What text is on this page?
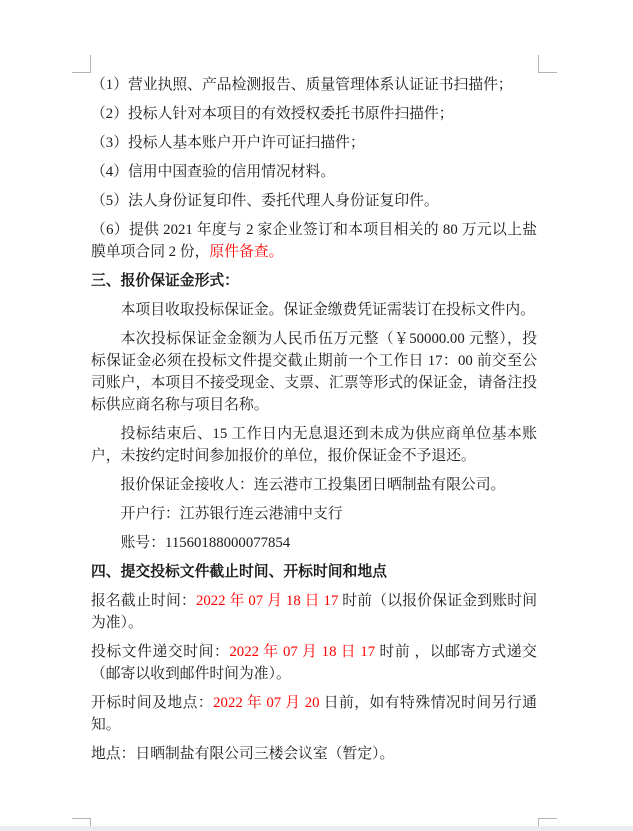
（1）营业执照、产品检测报告、质量管理体系认证证书扫描件；

（2）投标人针对本项目的有效授权委托书原件扫描件；

（3）投标人基本账户开户许可证扫描件；

（4）信用中国查验的信用情况材料。

（5）法人身份证复印件、委托代理人身份证复印件。

（6）提供 2021 年度与 2 家企业签订和本项目相关的 80 万元以上盐膜单项合同 2 份，原件备查。

三、报价保证金形式：

本项目收取投标保证金。保证金缴费凭证需装订在投标文件内。

本次投标保证金金额为人民币伍万元整（￥50000.00 元整），投标保证金必须在投标文件提交截止期前一个工作日 17：00 前交至公司账户，本项目不接受现金、支票、汇票等形式的保证金，请备注投标供应商名称与项目名称。

投标结束后、15 工作日内无息退还到未成为供应商单位基本账户，未按约定时间参加报价的单位，报价保证金不予退还。

报价保证金接收人：连云港市工投集团日晒制盐有限公司。

开户行：江苏银行连云港浦中支行

账号：11560188000077854

四、提交投标文件截止时间、开标时间和地点

报名截止时间：2022 年 07 月 18 日 17 时前（以报价保证金到账时间为准）。

投标文件递交时间：2022 年 07 月 18 日 17 时前 ，以邮寄方式递交（邮寄以收到邮件时间为准）。

开标时间及地点：2022 年 07 月 20 日前，如有特殊情况时间另行通知。

地点：日晒制盐有限公司三楼会议室（暂定）。
